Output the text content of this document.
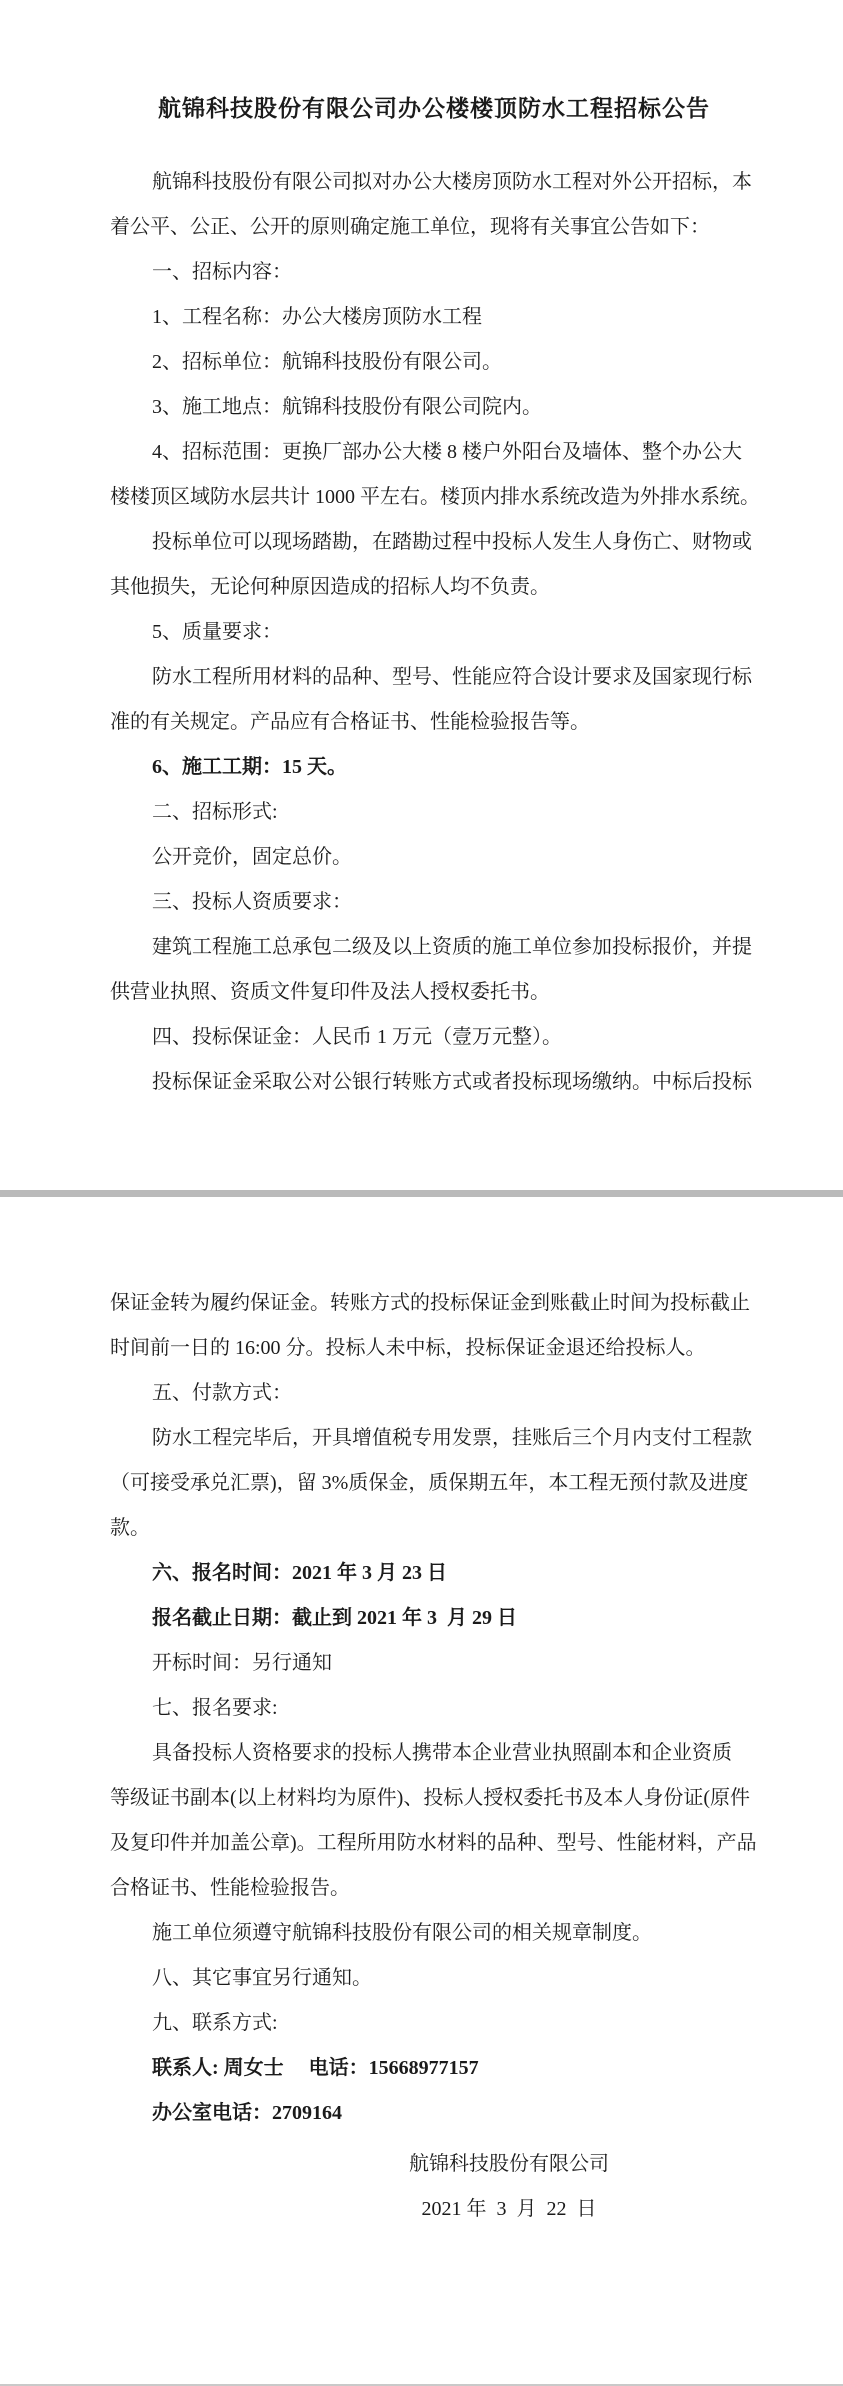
航锦科技股份有限公司办公楼楼顶防水工程招标公告
航锦科技股份有限公司拟对办公大楼房顶防水工程对外公开招标，本
着公平、公正、公开的原则确定施工单位，现将有关事宜公告如下：
一、招标内容：
1、工程名称：办公大楼房顶防水工程
2、招标单位：航锦科技股份有限公司。
3、施工地点：航锦科技股份有限公司院内。
4、招标范围：更换厂部办公大楼 8 楼户外阳台及墙体、整个办公大
楼楼顶区域防水层共计 1000 平左右。楼顶内排水系统改造为外排水系统。
投标单位可以现场踏勘，在踏勘过程中投标人发生人身伤亡、财物或
其他损失，无论何种原因造成的招标人均不负责。
5、质量要求：
防水工程所用材料的品种、型号、性能应符合设计要求及国家现行标
准的有关规定。产品应有合格证书、性能检验报告等。
6、施工工期：15 天。
二、招标形式:
公开竞价，固定总价。
三、投标人资质要求：
建筑工程施工总承包二级及以上资质的施工单位参加投标报价，并提
供营业执照、资质文件复印件及法人授权委托书。
四、投标保证金：人民币 1 万元（壹万元整）。
投标保证金采取公对公银行转账方式或者投标现场缴纳。中标后投标
保证金转为履约保证金。转账方式的投标保证金到账截止时间为投标截止
时间前一日的 16:00 分。投标人未中标，投标保证金退还给投标人。
五、付款方式：
防水工程完毕后，开具增值税专用发票，挂账后三个月内支付工程款
（可接受承兑汇票)，留 3%质保金，质保期五年，本工程无预付款及进度
款。
六、报名时间：2021 年 3 月 23 日
报名截止日期：截止到 2021 年 3  月 29 日
开标时间：另行通知
七、报名要求:
具备投标人资格要求的投标人携带本企业营业执照副本和企业资质
等级证书副本(以上材料均为原件)、投标人授权委托书及本人身份证(原件
及复印件并加盖公章)。工程所用防水材料的品种、型号、性能材料，产品
合格证书、性能检验报告。
施工单位须遵守航锦科技股份有限公司的相关规章制度。
八、其它事宜另行通知。
九、联系方式:
联系人: 周女士　 电话：15668977157
办公室电话：2709164
航锦科技股份有限公司
2021 年  3  月  22  日
